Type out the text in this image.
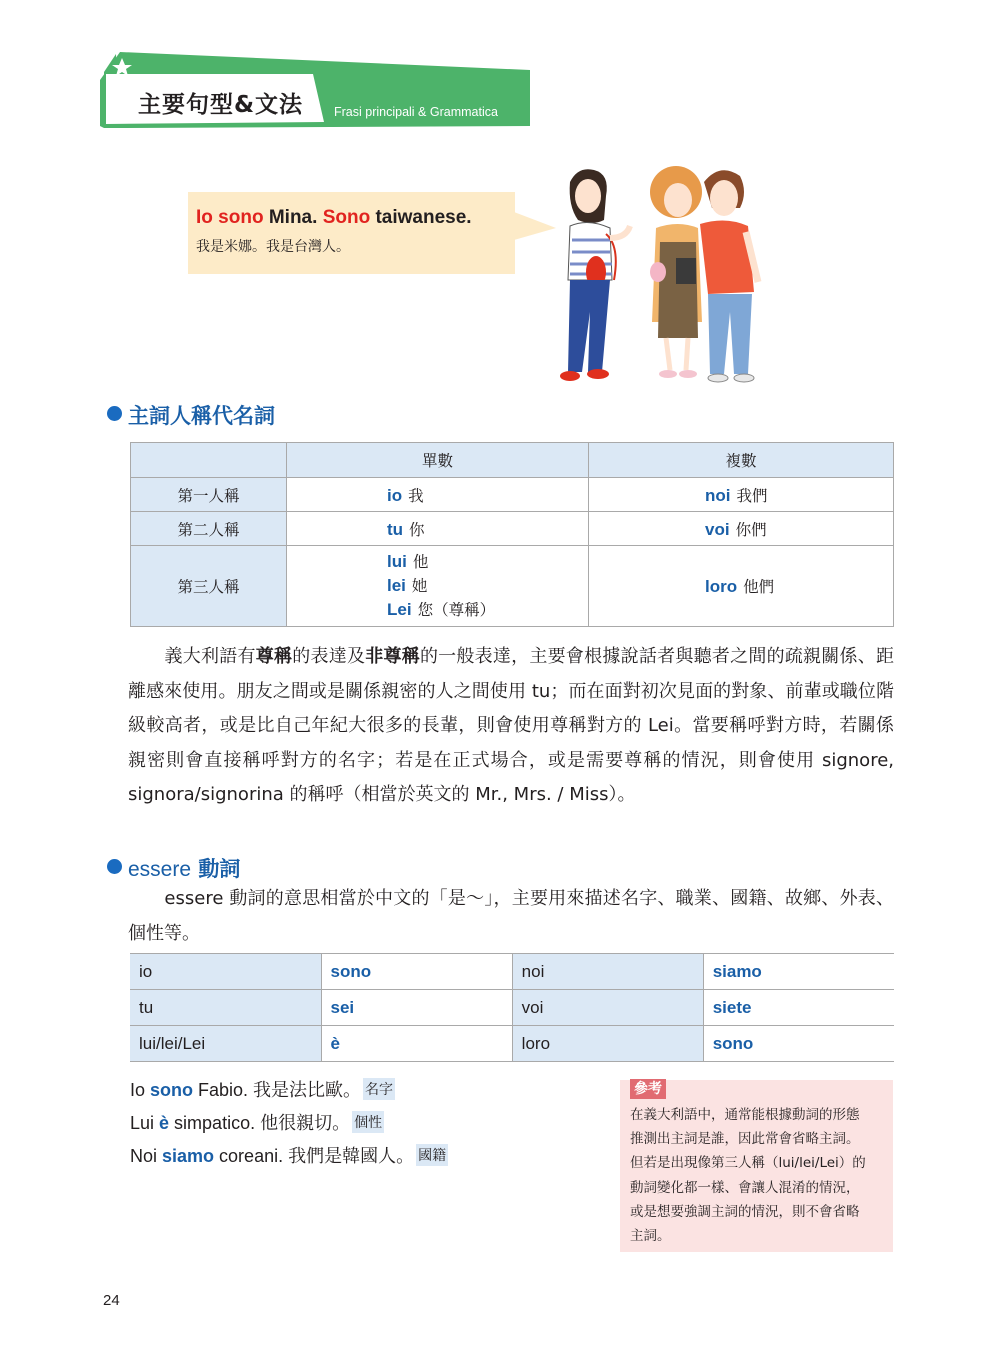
主要句型&文法 Frasi principali & Grammatica
Io sono Mina. Sono taiwanese.
我是米娜。我是台灣人。
主詞人稱代名詞
	單數	複數
第一人稱	io 我	noi 我們
第二人稱	tu 你	voi 你們
第三人稱	lui 他
lei 她
Lei 您（尊稱）	loro 他們
　　義大利語有尊稱的表達及非尊稱的一般表達，主要會根據說話者與聽者之間的疏親關係、距離感來使用。朋友之間或是關係親密的人之間使用 tu；而在面對初次見面的對象、前輩或職位階級較高者，或是比自己年紀大很多的長輩，則會使用尊稱對方的 Lei。當要稱呼對方時，若關係親密則會直接稱呼對方的名字；若是在正式場合，或是需要尊稱的情況，則會使用 signore, signora/signorina 的稱呼（相當於英文的 Mr., Mrs. / Miss）。
essere 動詞
　　essere 動詞的意思相當於中文的「是～」，主要用來描述名字、職業、國籍、故鄉、外表、個性等。
io	sono	noi	siamo
tu	sei	voi	siete
lui/lei/Lei	è	loro	sono
Io sono Fabio. 我是法比歐。 名字
Lui è simpatico. 他很親切。 個性
Noi siamo coreani. 我們是韓國人。 國籍
參考
在義大利語中，通常能根據動詞的形態
推測出主詞是誰，因此常會省略主詞。
但若是出現像第三人稱（lui/lei/Lei）的
動詞變化都一樣、會讓人混淆的情況，
或是想要強調主詞的情況，則不會省略
主詞。
24
